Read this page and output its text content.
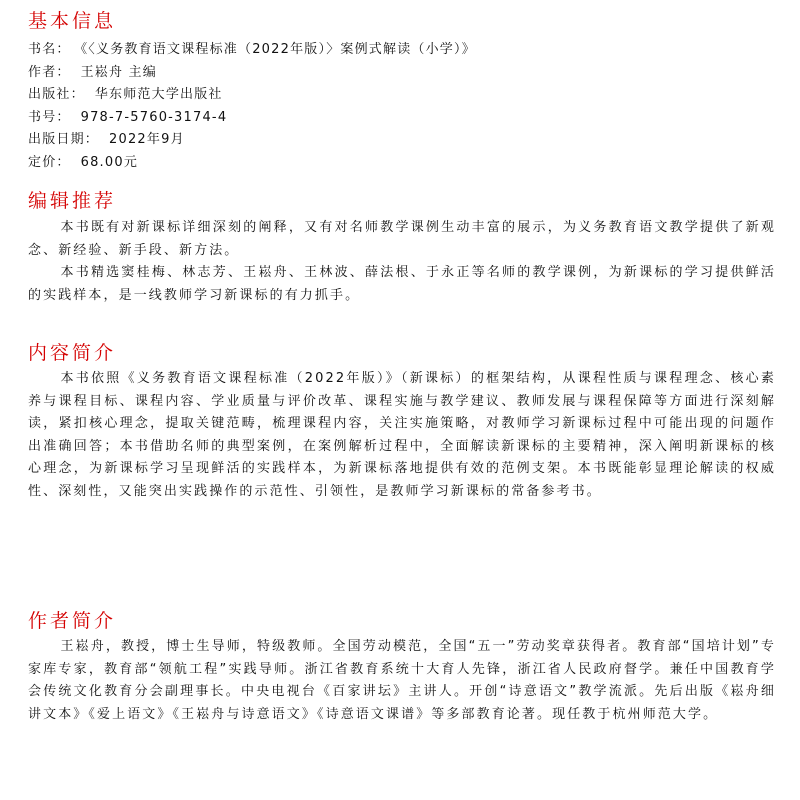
基本信息
书名： 《〈义务教育语文课程标准（2022年版）〉案例式解读（小学）》
作者： 王崧舟 主编
出版社： 华东师范大学出版社
书号： 978-7-5760-3174-4
出版日期： 2022年9月
定价： 68.00元
编辑推荐

本书既有对新课标详细深刻的阐释，又有对名师教学课例生动丰富的展示，为义务教育语文教学提供了新观念、新经验、新手段、新方法。

本书精选窦桂梅、林志芳、王崧舟、王林波、薛法根、于永正等名师的教学课例，为新课标的学习提供鲜活的实践样本，是一线教师学习新课标的有力抓手。

内容简介

本书依照《义务教育语文课程标准（2022年版）》（新课标）的框架结构，从课程性质与课程理念、核心素养与课程目标、课程内容、学业质量与评价改革、课程实施与教学建议、教师发展与课程保障等方面进行深刻解读，紧扣核心理念，提取关键范畴，梳理课程内容，关注实施策略，对教师学习新课标过程中可能出现的问题作出准确回答；本书借助名师的典型案例，在案例解析过程中，全面解读新课标的主要精神，深入阐明新课标的核心理念，为新课标学习呈现鲜活的实践样本，为新课标落地提供有效的范例支架。本书既能彰显理论解读的权威性、深刻性，又能突出实践操作的示范性、引领性，是教师学习新课标的常备参考书。

作者简介

王崧舟，教授，博士生导师，特级教师。全国劳动模范，全国“五一”劳动奖章获得者。教育部“国培计划”专家库专家，教育部“领航工程”实践导师。浙江省教育系统十大育人先锋，浙江省人民政府督学。兼任中国教育学会传统文化教育分会副理事长。中央电视台《百家讲坛》主讲人。开创“诗意语文”教学流派。先后出版《崧舟细讲文本》《爱上语文》《王崧舟与诗意语文》《诗意语文课谱》等多部教育论著。现任教于杭州师范大学。
